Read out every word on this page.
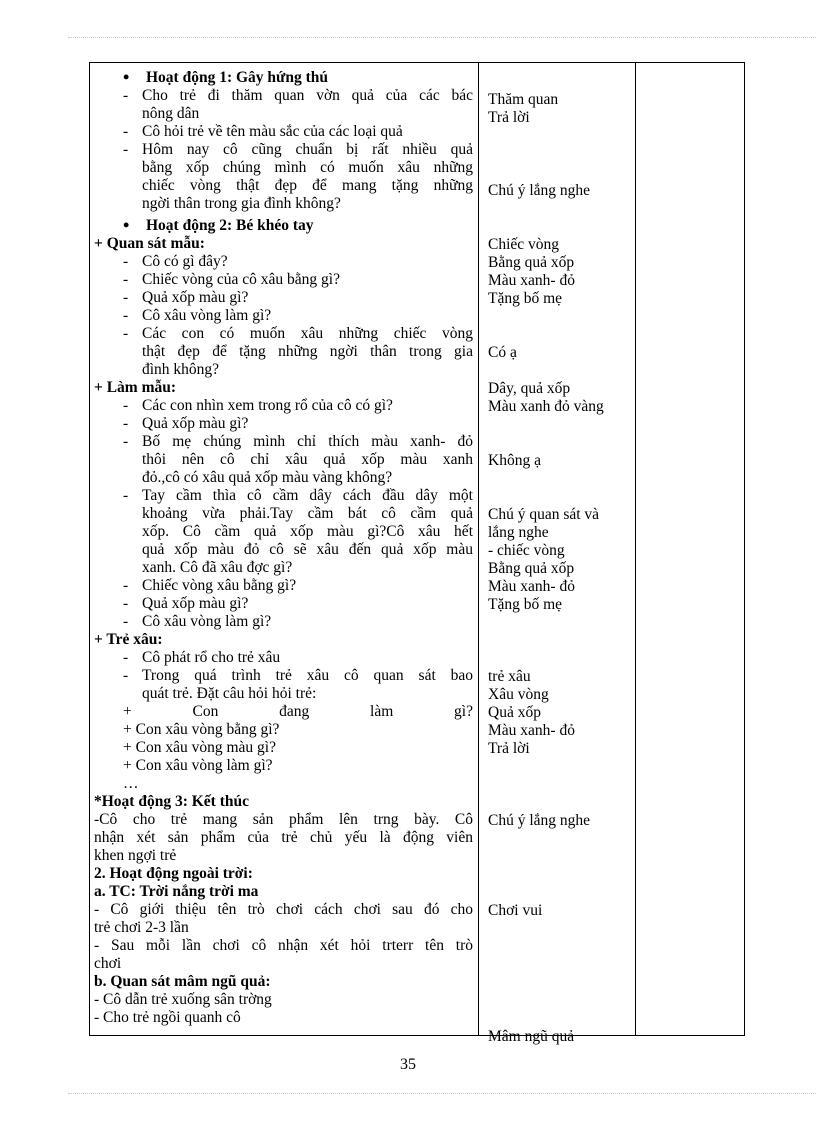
• Hoạt động 1: Gây hứng thú
- Cho trẻ đi thăm quan vờn quả của các bác
nông dân
- Cô hỏi trẻ về tên màu sắc của các loại quả
- Hôm nay cô cũng chuẩn bị rất nhiều quả
bằng xốp chúng mình có muốn xâu những
chiếc vòng thật đẹp để mang tặng những
ngời thân trong gia đình không?
• Hoạt động 2: Bé khéo tay
+ Quan sát mẫu:
- Cô có gì đây?
- Chiếc vòng của cô xâu bằng gì?
- Quả xốp màu gì?
- Cô xâu vòng làm gì?
- Các con có muốn xâu những chiếc vòng
thật đẹp để tặng những ngời thân trong gia
đình không?
+ Làm mẫu:
- Các con nhìn xem trong rổ của cô có gì?
- Quả xốp màu gì?
- Bố mẹ chúng mình chỉ thích màu xanh- đỏ
thôi nên cô chỉ xâu quả xốp màu xanh
đỏ.,cô có xâu quả xốp màu vàng không?
- Tay cầm thìa cô cầm dây cách đầu dây một
khoảng vừa phải.Tay cầm bát cô cầm quả
xốp. Cô cầm quả xốp màu gì?Cô xâu hết
quả xốp màu đỏ cô sẽ xâu đến quả xốp màu
xanh. Cô đã xâu đợc gì?
- Chiếc vòng xâu bằng gì?
- Quả xốp màu gì?
- Cô xâu vòng làm gì?
+ Trẻ xâu:
- Cô phát rổ cho trẻ xâu
- Trong quá trình trẻ xâu cô quan sát bao
quát trẻ. Đặt câu hỏi hỏi trẻ:
+ Con đang làm gì?
+ Con xâu vòng bằng gì?
+ Con xâu vòng màu gì?
+ Con xâu vòng làm gì?
…
*Hoạt động 3: Kết thúc
-Cô cho trẻ mang sản phẩm lên trng bày. Cô
nhận xét sản phẩm của trẻ chủ yếu là động viên
khen ngợi trẻ
2. Hoạt động ngoài trời:
a. TC: Trời nắng trời ma
- Cô giới thiệu tên trò chơi cách chơi sau đó cho
trẻ chơi 2-3 lần
- Sau mỗi lần chơi cô nhận xét hỏi trterr tên trò
chơi
b. Quan sát mâm ngũ quả:
- Cô dẫn trẻ xuống sân trờng
- Cho trẻ ngồi quanh cô
Thăm quan
Trả lời
Chú ý lắng nghe
Chiếc vòng
Bằng quả xốp
Màu xanh- đỏ
Tặng bố mẹ
Có ạ
Dây, quả xốp
Màu xanh đỏ vàng
Không ạ
Chú ý quan sát và
lắng nghe
- chiếc vòng
Bằng quả xốp
Màu xanh- đỏ
Tặng bố mẹ
trẻ xâu
Xâu vòng
Quả xốp
Màu xanh- đỏ
Trả lời
Chú ý lắng nghe
Chơi vui
Mâm ngũ quả
35
